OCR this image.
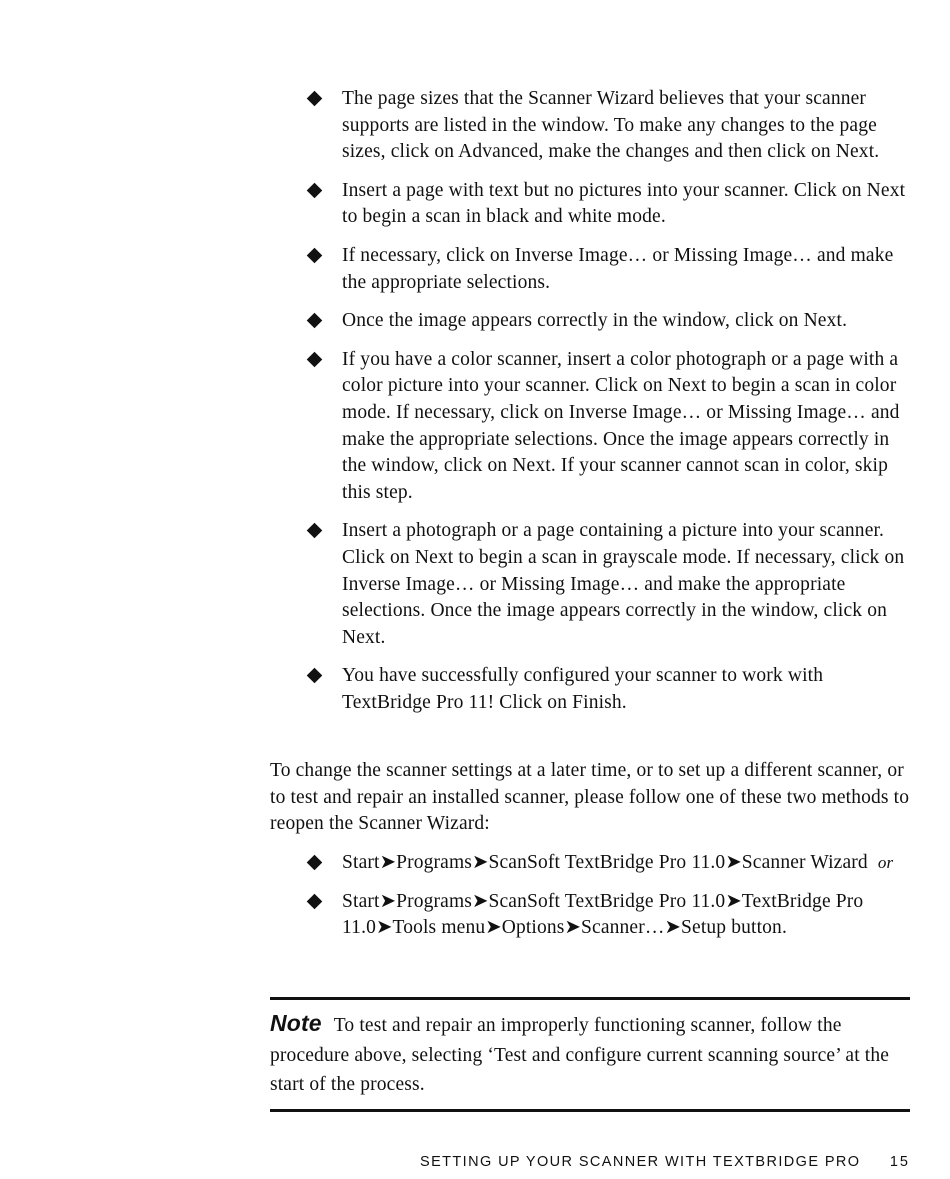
The page sizes that the Scanner Wizard believes that your scanner supports are listed in the window. To make any changes to the page sizes, click on Advanced, make the changes and then click on Next.
Insert a page with text but no pictures into your scanner. Click on Next to begin a scan in black and white mode.
If necessary, click on Inverse Image… or Missing Image… and make the appropriate selections.
Once the image appears correctly in the window, click on Next.
If you have a color scanner, insert a color photograph or a page with a color picture into your scanner. Click on Next to begin a scan in color mode. If necessary, click on Inverse Image… or Missing Image… and make the appropriate selections. Once the image appears correctly in the window, click on Next. If your scanner cannot scan in color, skip this step.
Insert a photograph or a page containing a picture into your scanner. Click on Next to begin a scan in grayscale mode. If necessary, click on Inverse Image… or Missing Image… and make the appropriate selections. Once the image appears correctly in the window, click on Next.
You have successfully configured your scanner to work with TextBridge Pro 11! Click on Finish.

To change the scanner settings at a later time, or to set up a different scanner, or to test and repair an installed scanner, please follow one of these two methods to reopen the Scanner Wizard:

Start➤Programs➤ScanSoft TextBridge Pro 11.0➤Scanner Wizard or
Start➤Programs➤ScanSoft TextBridge Pro 11.0➤TextBridge Pro 11.0➤Tools menu➤Options➤Scanner…➤Setup button.
Note To test and repair an improperly functioning scanner, follow the procedure above, selecting ‘Test and configure current scanning source’ at the start of the process.
SETTING UP YOUR SCANNER WITH TEXTBRIDGE PRO 15
